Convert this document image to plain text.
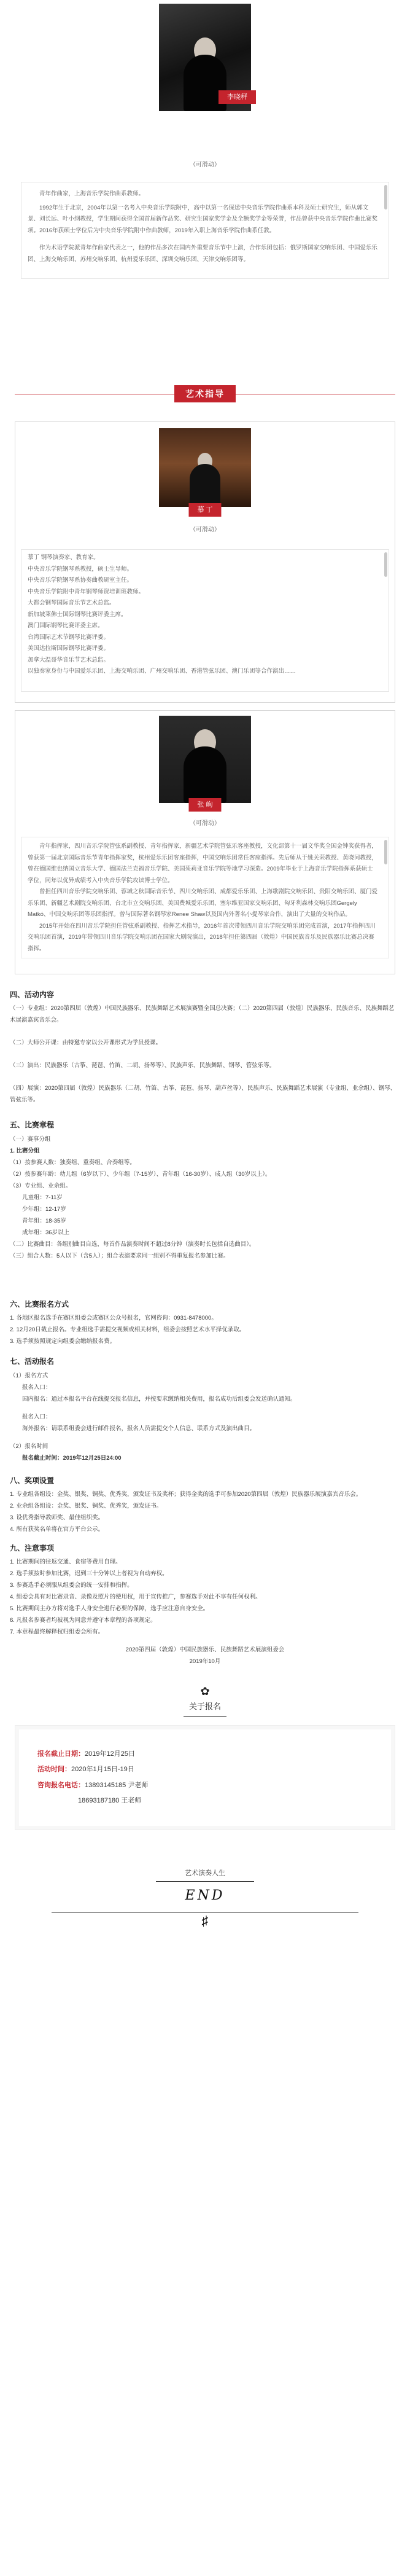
李晓秤
（可滑动）

青年作曲家，上海音乐学院作曲系教师。

1992年生于北京，2004年以第一名考入中央音乐学院附中，高中以第一名保送中央音乐学院作曲系本科及硕士研究生，师从郭文景、刘长远、叶小纲教授，学生期间获得全国首届新作品奖、研究生国家奖学金及全额奖学金等荣誉，作品曾获中央音乐学院作曲比赛奖项。2016年获硕士学位后为中央音乐学院附中作曲教师，2019年入职上海音乐学院作曲系任教。

作为术语学院派青年作曲家代表之一，他的作品多次在国内外重要音乐节中上演，合作乐团包括：俄罗斯国家交响乐团、中国爱乐乐团、上海交响乐团、苏州交响乐团、杭州爱乐乐团、深圳交响乐团、天津交响乐团等。

艺术指导
慕 丁
（可滑动）

慕丁 钢琴演奏家、教育家。

中央音乐学院钢琴系教授，硕士生导师。

中央音乐学院钢琴系协奏曲教研室主任。

中央音乐学院附中青年钢琴师资培训班教师。

大都会钢琴国际音乐节艺术总监。

新加坡莱佛士国际钢琴比赛评委主席。

澳门国际钢琴比赛评委主席。

台湾国际艺术节钢琴比赛评委。

美国达拉斯国际钢琴比赛评委。

加拿大温哥华音乐节艺术总监。

以独奏家身份与中国爱乐乐团、上海交响乐团、广州交响乐团、香港管弦乐团、澳门乐团等合作演出……

张 峋
（可滑动）

青年指挥家，四川音乐学院管弦系副教授、青年指挥家，新疆艺术学院管弦乐客座教授，文化部第十一届文华奖全国金钟奖获得者，曾获第一届北京国际音乐节青年指挥家奖，杭州爱乐乐团客座指挥，中国交响乐团常任客座指挥。先后师从于姚关荣教授、黄晓同教授，曾在德国维也纳国立音乐大学、德国法兰克福音乐学院、美国茱莉亚音乐学院等地学习深造。2009年毕业于上海音乐学院指挥系获硕士学位，同年以优异成绩考入中央音乐学院攻读博士学位。

曾担任四川音乐学院交响乐团、蓉城之秋国际音乐节、四川交响乐团、成都爱乐乐团、上海歌剧院交响乐团、贵阳交响乐团、厦门爱乐乐团、新疆艺术剧院交响乐团、台北市立交响乐团、美国费城爱乐乐团、塞尔维亚国家交响乐团、匈牙利森林交响乐团Gergely Matkó、中国交响乐团等乐团指挥。曾与国际著名钢琴家Renee Shaw以及国内外著名小提琴家合作，演出了大量的交响作品。

2015年开始在四川音乐学院担任管弦系副教授、指挥艺术指导，2016年首次带领四川音乐学院交响乐团完成首演，2017年指挥四川交响乐团首演，2019年带领四川音乐学院交响乐团在国家大剧院演出，2018年担任第四届（敦煌）中国民族音乐及民族器乐比赛总决赛指挥。

四、活动内容

（一）专业组：2020第四届（敦煌）中国民族器乐、民族舞蹈艺术展演赛暨全国总决赛；（二）2020第四届（敦煌）民族器乐、民族音乐、民族舞蹈艺术展演嘉宾音乐会。

（二）大师公开课：由特邀专家以公开课形式为学员授课。

（三）演出：民族器乐（古筝、琵琶、竹笛、二胡、扬琴等）、民族声乐、民族舞蹈、钢琴、管弦乐等。

（四）展演：2020第四届（敦煌）民族器乐（二胡、竹笛、古筝、琵琶、扬琴、葫芦丝等）、民族声乐、民族舞蹈艺术展演（专业组、业余组）、钢琴、管弦乐等。

五、比赛章程

（一）赛事分组

1. 比赛分组

（1）按参赛人数：独奏组、重奏组、合奏组等。

（2）按参赛年龄：幼儿组（6岁以下）、少年组（7-15岁）、青年组（16-30岁）、成人组（30岁以上）。

（3）专业组、业余组。

儿童组：7-11岁

少年组：12-17岁

青年组：18-35岁

成年组：36岁以上

（二）比赛曲目：各组别曲目自选，每首作品演奏时间不超过8分钟（演奏时长包括自选曲目）。

（三）组合人数：5人以下（含5人）；组合表演要求同一组别不得重复报名参加比赛。

六、比赛报名方式

1. 各地区报名选手在赛区组委会或赛区公众号报名，官网咨询：0931-8478000。

2. 12月20日截止报名。专业组选手需提交视频或相关材料，组委会按照艺术水平择优录取。

3. 选手须按照规定向组委会缴纳报名费。

七、活动报名

（1）报名方式

报名入口：

国内报名：通过本报名平台在线提交报名信息，并按要求缴纳相关费用，报名成功后组委会发送确认通知。

报名入口：

海外报名：请联系组委会进行邮件报名，报名人员需提交个人信息、联系方式及演出曲目。

（2）报名时间

报名截止时间：2019年12月25日24:00

八、奖项设置

1. 专业组各组设：金奖、银奖、铜奖、优秀奖，颁发证书及奖杯；获得金奖的选手可参加2020第四届（敦煌）民族器乐展演嘉宾音乐会。

2. 业余组各组设：金奖、银奖、铜奖、优秀奖，颁发证书。

3. 设优秀指导教师奖、最佳组织奖。

4. 所有获奖名单将在官方平台公示。

九、注意事项

1. 比赛期间的往返交通、食宿等费用自理。

2. 选手须按时参加比赛，迟到三十分钟以上者视为自动弃权。

3. 参赛选手必须服从组委会的统一安排和指挥。

4. 组委会具有对比赛录音、录像及照片的使用权，用于宣传推广，参赛选手对此不享有任何权利。

5. 比赛期间主办方将对选手人身安全进行必要的保障，选手应注意自身安全。

6. 凡报名参赛者均被视为同意并遵守本章程的各项规定。

7. 本章程最终解释权归组委会所有。

2020第四届（敦煌）中国民族器乐、民族舞蹈艺术展演组委会

2019年10月

✿
关于报名
报名截止日期：2019年12月25日
活动时间：2020年1月15日-19日
咨询报名电话：13893145185 尹老师
18693187180 王老师
艺术演奏人生
END
♯
